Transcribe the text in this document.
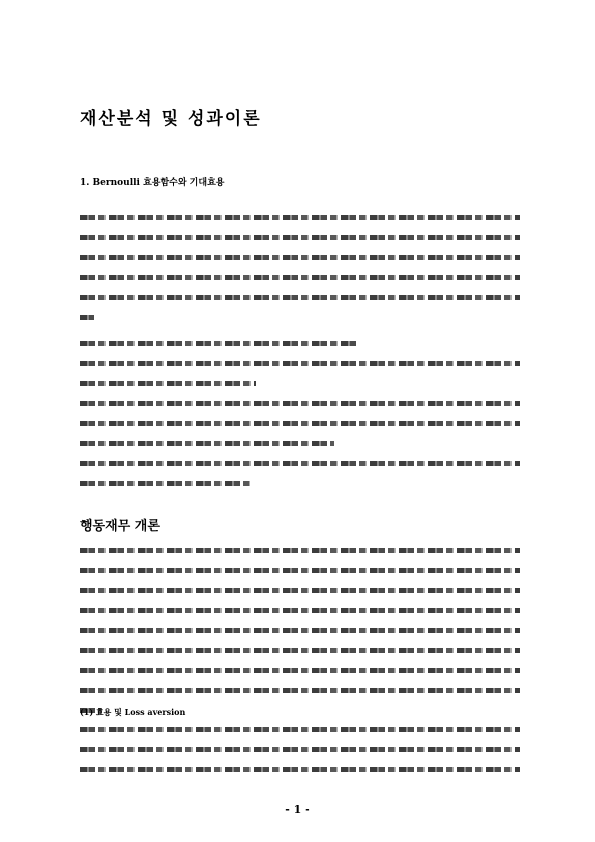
재산분석 및 성과이론
1. Bernoulli 효용함수와 기대효용
행동재무 개론
(1) 효용 및 Loss aversion
- 1 -
